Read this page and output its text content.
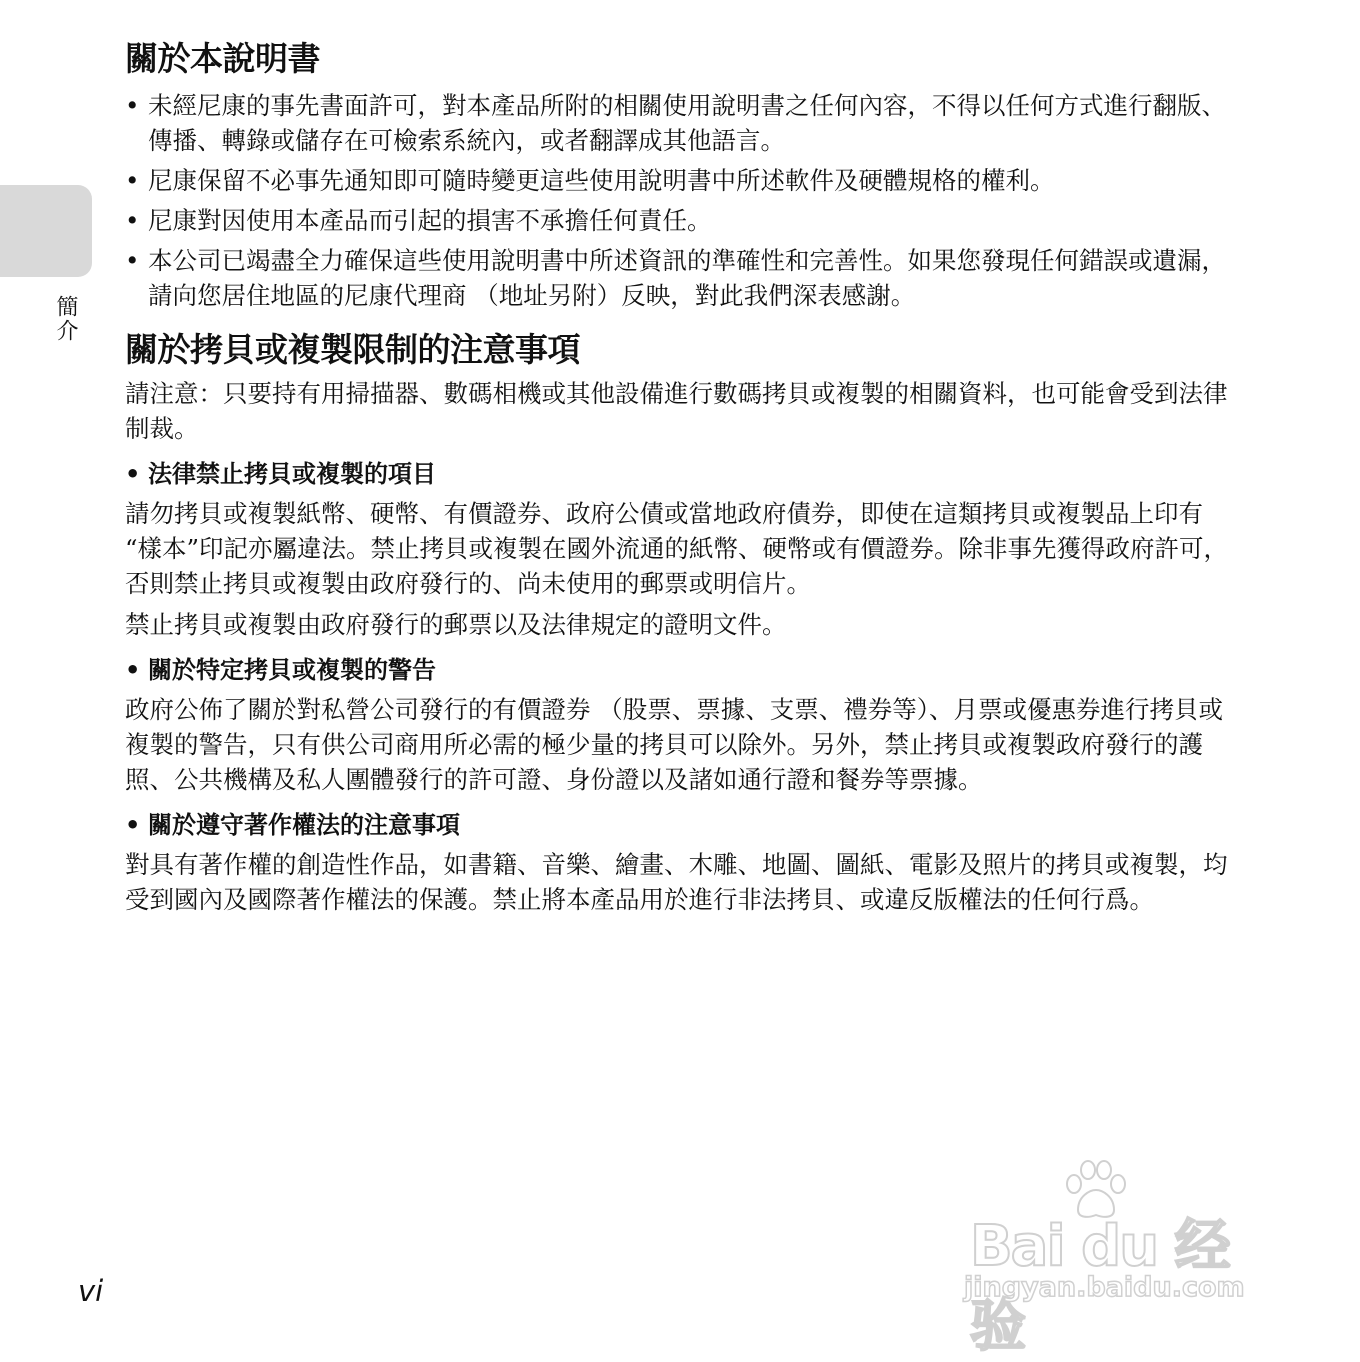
簡介
關於本說明書
• 未經尼康的事先書面許可，對本產品所附的相關使用說明書之任何內容，不得以任何方式進行翻版、傳播、轉錄或儲存在可檢索系統內，或者翻譯成其他語言。
• 尼康保留不必事先通知即可隨時變更這些使用說明書中所述軟件及硬體規格的權利。
• 尼康對因使用本產品而引起的損害不承擔任何責任。
• 本公司已竭盡全力確保這些使用說明書中所述資訊的準確性和完善性。如果您發現任何錯誤或遺漏，請向您居住地區的尼康代理商 （地址另附）反映，對此我們深表感謝。
關於拷貝或複製限制的注意事項

請注意：只要持有用掃描器、數碼相機或其他設備進行數碼拷貝或複製的相關資料，也可能會受到法律制裁。

• 法律禁止拷貝或複製的項目

請勿拷貝或複製紙幣、硬幣、有價證券、政府公債或當地政府債券，即使在這類拷貝或複製品上印有 “樣本”印記亦屬違法。禁止拷貝或複製在國外流通的紙幣、硬幣或有價證券。除非事先獲得政府許可，否則禁止拷貝或複製由政府發行的、尚未使用的郵票或明信片。

禁止拷貝或複製由政府發行的郵票以及法律規定的證明文件。

• 關於特定拷貝或複製的警告

政府公佈了關於對私營公司發行的有價證券 （股票、票據、支票、禮券等）、月票或優惠券進行拷貝或複製的警告，只有供公司商用所必需的極少量的拷貝可以除外。另外，禁止拷貝或複製政府發行的護照、公共機構及私人團體發行的許可證、身份證以及諸如通行證和餐券等票據。

• 關於遵守著作權法的注意事項

對具有著作權的創造性作品，如書籍、音樂、繪畫、木雕、地圖、圖紙、電影及照片的拷貝或複製，均受到國內及國際著作權法的保護。禁止將本產品用於進行非法拷貝、或違反版權法的任何行爲。

vi
Bai du 经验
jingyan.baidu.com
